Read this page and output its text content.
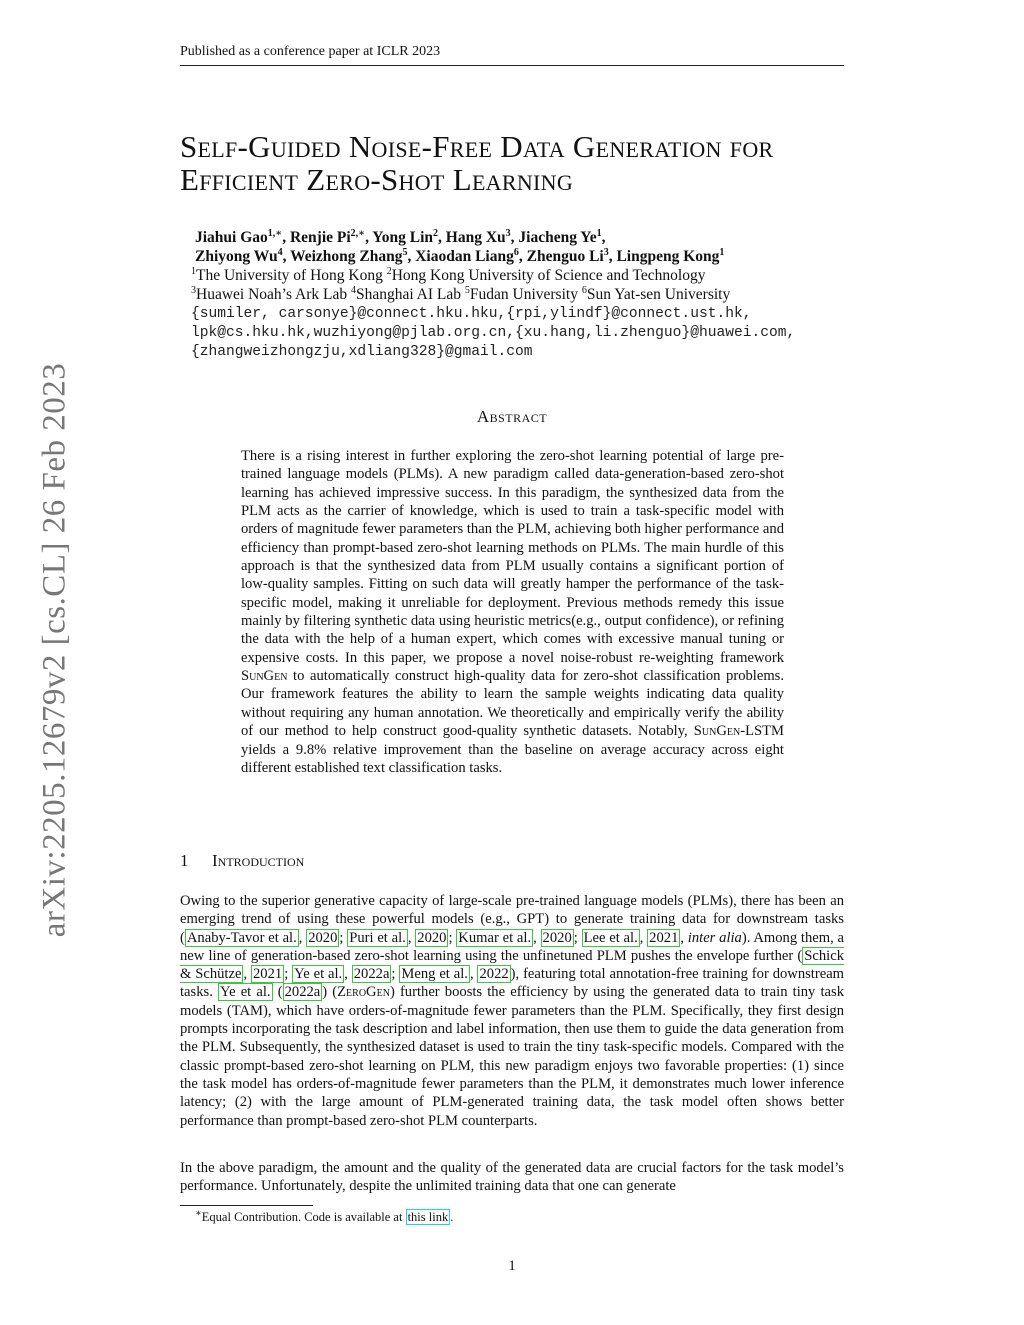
Published as a conference paper at ICLR 2023
arXiv:2205.12679v2 [cs.CL] 26 Feb 2023
Self-Guided Noise-Free Data Generation for
Efficient Zero-Shot Learning
Jiahui Gao$^{1,∗}$, Renjie $Pi^{2,∗}$, Yong Lin$^2$, Hang Xu$^3$, Jiacheng Ye$^1$,
Zhiyong Wu$^4$, Weizhong Zhang$^5$, Xiaodan Liang$^6$, Zhenguo Li$^3$, Lingpeng Kong$^1$
$^1$The University of Hong Kong $^2$Hong Kong University of Science and Technology
$^3$Huawei Noah’s Ark Lab $^4$Shanghai AI Lab $^5$Fudan University $^6$Sun Yat-sen University
{sumiler, carsonye}@connect.hku.hku,{rpi,ylindf}@connect.ust.hk,
lpk@cs.hku.hk,wuzhiyong@pjlab.org.cn,{xu.hang,li.zhenguo}@huawei.com,
{zhangweizhongzju,xdliang328}@gmail.com
Abstract
There is a rising interest in further exploring the zero-shot learning potential of large pre-trained language models (PLMs). A new paradigm called data-generation-based zero-shot learning has achieved impressive success. In this paradigm, the synthesized data from the PLM acts as the carrier of knowledge, which is used to train a task-specific model with orders of magnitude fewer parameters than the PLM, achieving both higher performance and efficiency than prompt-based zero-shot learning methods on PLMs. The main hurdle of this approach is that the synthesized data from PLM usually contains a significant portion of low-quality samples. Fitting on such data will greatly hamper the performance of the task-specific model, making it unreliable for deployment. Previous methods remedy this issue mainly by filtering synthetic data using heuristic metrics(e.g., output confidence), or refining the data with the help of a human expert, which comes with excessive manual tuning or expensive costs. In this paper, we propose a novel noise-robust re-weighting framework SunGen to automatically construct high-quality data for zero-shot classification problems. Our framework features the ability to learn the sample weights indicating data quality without requiring any human annotation. We theoretically and empirically verify the ability of our method to help construct good-quality synthetic datasets. Notably, SunGen-LSTM yields a 9.8% relative improvement than the baseline on average accuracy across eight different established text classification tasks.
1 Introduction
Owing to the superior generative capacity of large-scale pre-trained language models (PLMs), there has been an emerging trend of using these powerful models (e.g., GPT) to generate training data for downstream tasks ( Anaby-Tavor et al. , 2020 ; Puri et al. , 2020 ; Kumar et al. , 2020 ; Lee et al. , 2021 , inter alia). Among them, a new line of generation-based zero-shot learning using the unfinetuned PLM pushes the envelope further ( Schick & Schütze , 2021 ; Ye et al. , 2022a ; Meng et al. , 2022 ), featuring total annotation-free training for downstream tasks. Ye et al. ( 2022a ) (ZeroGen) further boosts the efficiency by using the generated data to train tiny task models (TAM), which have orders-of-magnitude fewer parameters than the PLM. Specifically, they first design prompts incorporating the task description and label information, then use them to guide the data generation from the PLM. Subsequently, the synthesized dataset is used to train the tiny task-specific models. Compared with the classic prompt-based zero-shot learning on PLM, this new paradigm enjoys two favorable properties: (1) since the task model has orders-of-magnitude fewer parameters than the PLM, it demonstrates much lower inference latency; (2) with the large amount of PLM-generated training data, the task model often shows better performance than prompt-based zero-shot PLM counterparts.
In the above paradigm, the amount and the quality of the generated data are crucial factors for the task model’s performance. Unfortunately, despite the unlimited training data that one can generate
∗Equal Contribution. Code is available at this link .
1
